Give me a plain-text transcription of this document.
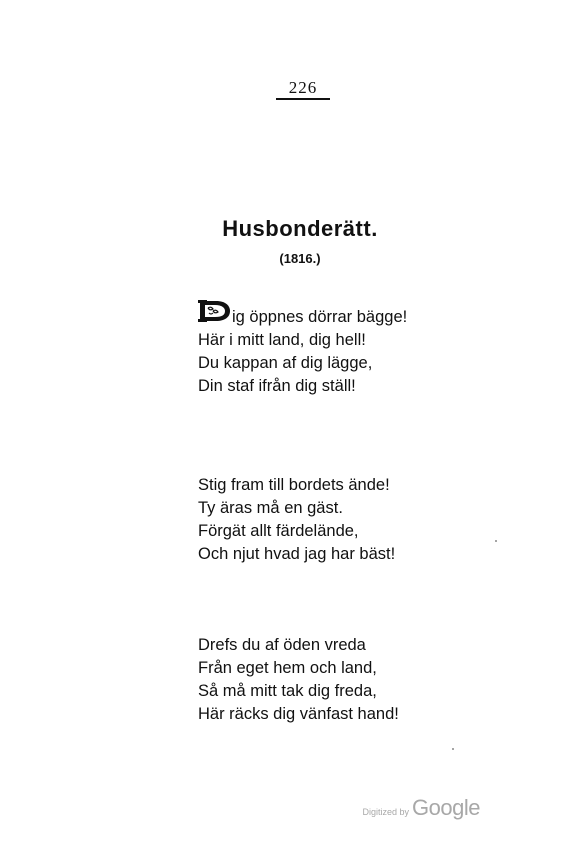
226
Husbonderätt.
(1816.)
ig öppnes dörrar bägge!
Här i mitt land, dig hell!
Du kappan af dig lägge,
Din staf ifrån dig ställ!
Stig fram till bordets ände!
Ty äras må en gäst.
Förgät allt färdelände,
Och njut hvad jag har bäst!
Drefs du af öden vreda
Från eget hem och land,
Så må mitt tak dig freda,
Här räcks dig vänfast hand!
Digitized by Google
